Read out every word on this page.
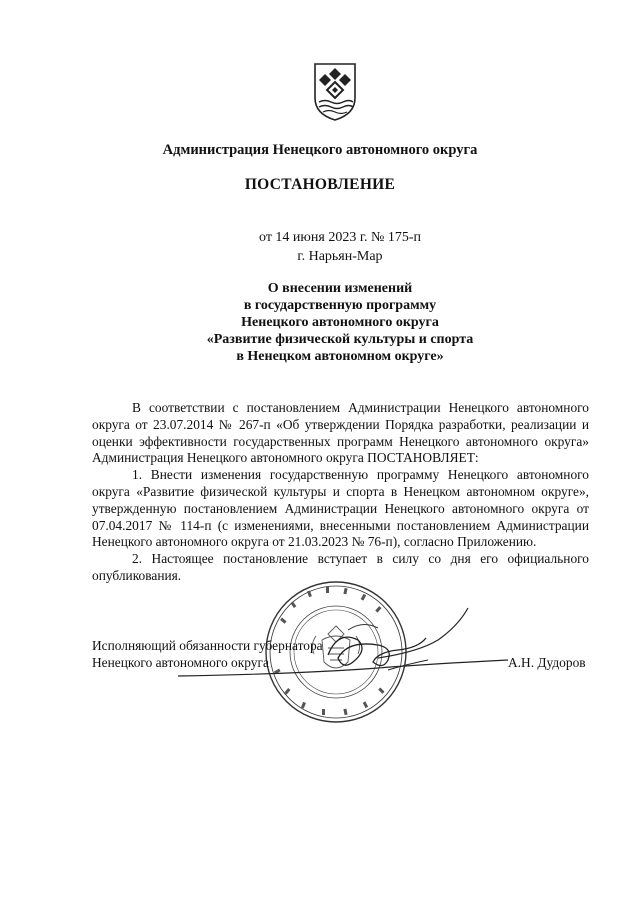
Администрация Ненецкого автономного округа
ПОСТАНОВЛЕНИЕ
от 14 июня 2023 г. № 175-п
г. Нарьян-Мар
О внесении изменений
в государственную программу
Ненецкого автономного округа
«Развитие физической культуры и спорта
в Ненецком автономном округе»

В соответствии с постановлением Администрации Ненецкого автономного округа от 23.07.2014 № 267-п «Об утверждении Порядка разработки, реализации и оценки эффективности государственных программ Ненецкого автономного округа» Администрация Ненецкого автономного округа ПОСТАНОВЛЯЕТ:

1. Внести изменения государственную программу Ненецкого автономного округа «Развитие физической культуры и спорта в Ненецком автономном округе», утвержденную постановлением Администрации Ненецкого автономного округа от 07.04.2017 № 114-п (с изменениями, внесенными постановлением Администрации Ненецкого автономного округа от 21.03.2023 № 76-п), согласно Приложению.

2. Настоящее постановление вступает в силу со дня его официального опубликования.

Исполняющий обязанности губернатора
Ненецкого автономного округа	А.Н. Дудоров
